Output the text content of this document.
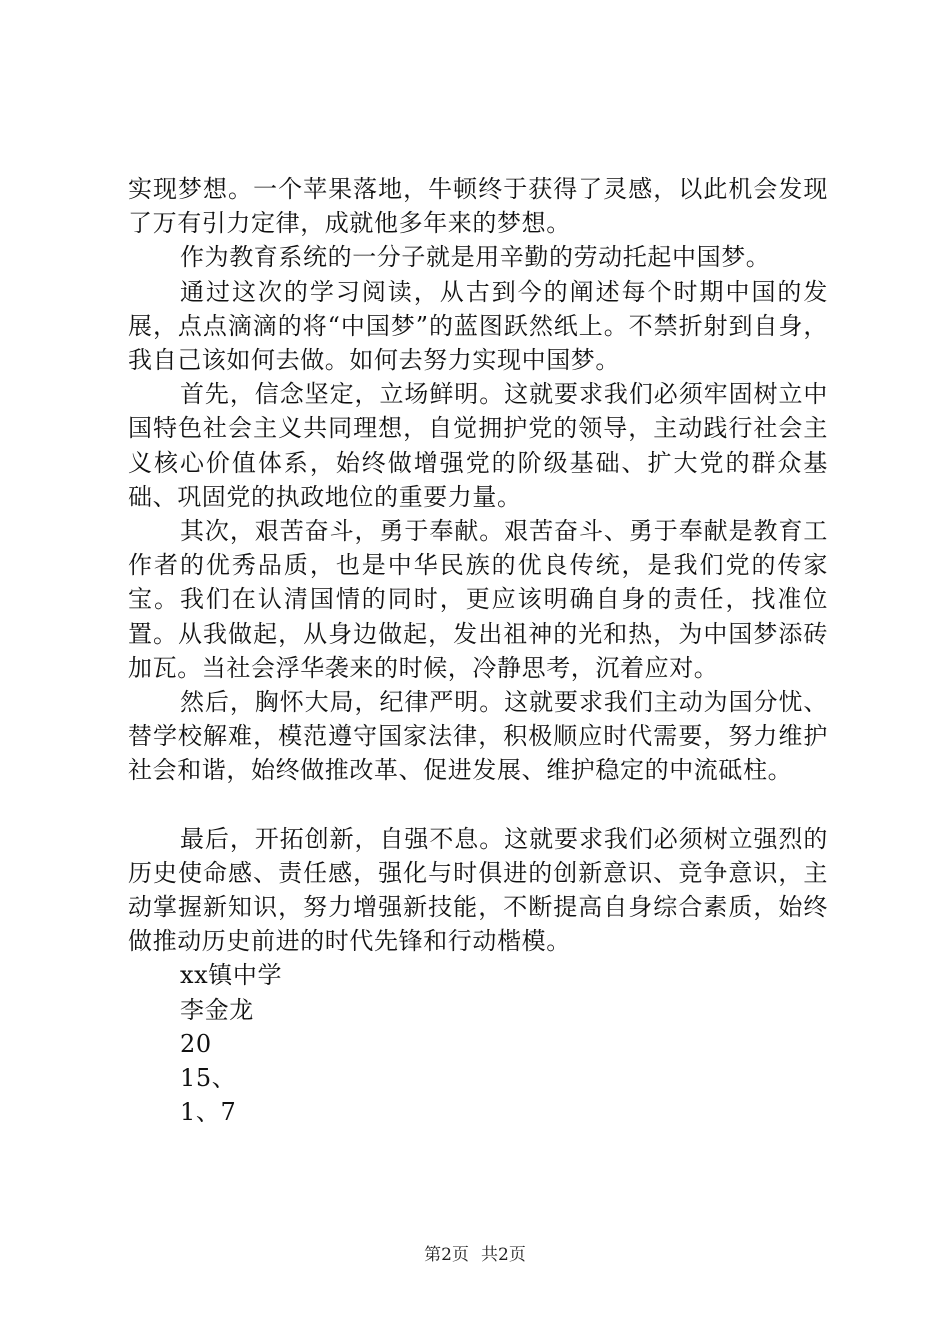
实现梦想。一个苹果落地，牛顿终于获得了灵感，以此机会发现了万有引力定律，成就他多年来的梦想。

作为教育系统的一分子就是用辛勤的劳动托起中国梦。

通过这次的学习阅读，从古到今的阐述每个时期中国的发展，点点滴滴的将“中国梦”的蓝图跃然纸上。不禁折射到自身，我自己该如何去做。如何去努力实现中国梦。

首先，信念坚定，立场鲜明。这就要求我们必须牢固树立中国特色社会主义共同理想，自觉拥护党的领导，主动践行社会主义核心价值体系，始终做增强党的阶级基础、扩大党的群众基础、巩固党的执政地位的重要力量。

其次，艰苦奋斗，勇于奉献。艰苦奋斗、勇于奉献是教育工作者的优秀品质，也是中华民族的优良传统，是我们党的传家宝。我们在认清国情的同时，更应该明确自身的责任，找准位置。从我做起，从身边做起，发出祖神的光和热，为中国梦添砖加瓦。当社会浮华袭来的时候，冷静思考，沉着应对。

然后，胸怀大局，纪律严明。这就要求我们主动为国分忧、替学校解难，模范遵守国家法律，积极顺应时代需要，努力维护社会和谐，始终做推改革、促进发展、维护稳定的中流砥柱。

最后，开拓创新，自强不息。这就要求我们必须树立强烈的历史使命感、责任感，强化与时俱进的创新意识、竞争意识，主动掌握新知识，努力增强新技能，不断提高自身综合素质，始终做推动历史前进的时代先锋和行动楷模。

xx镇中学

李金龙

20

15、

1、7

第2页 共2页
